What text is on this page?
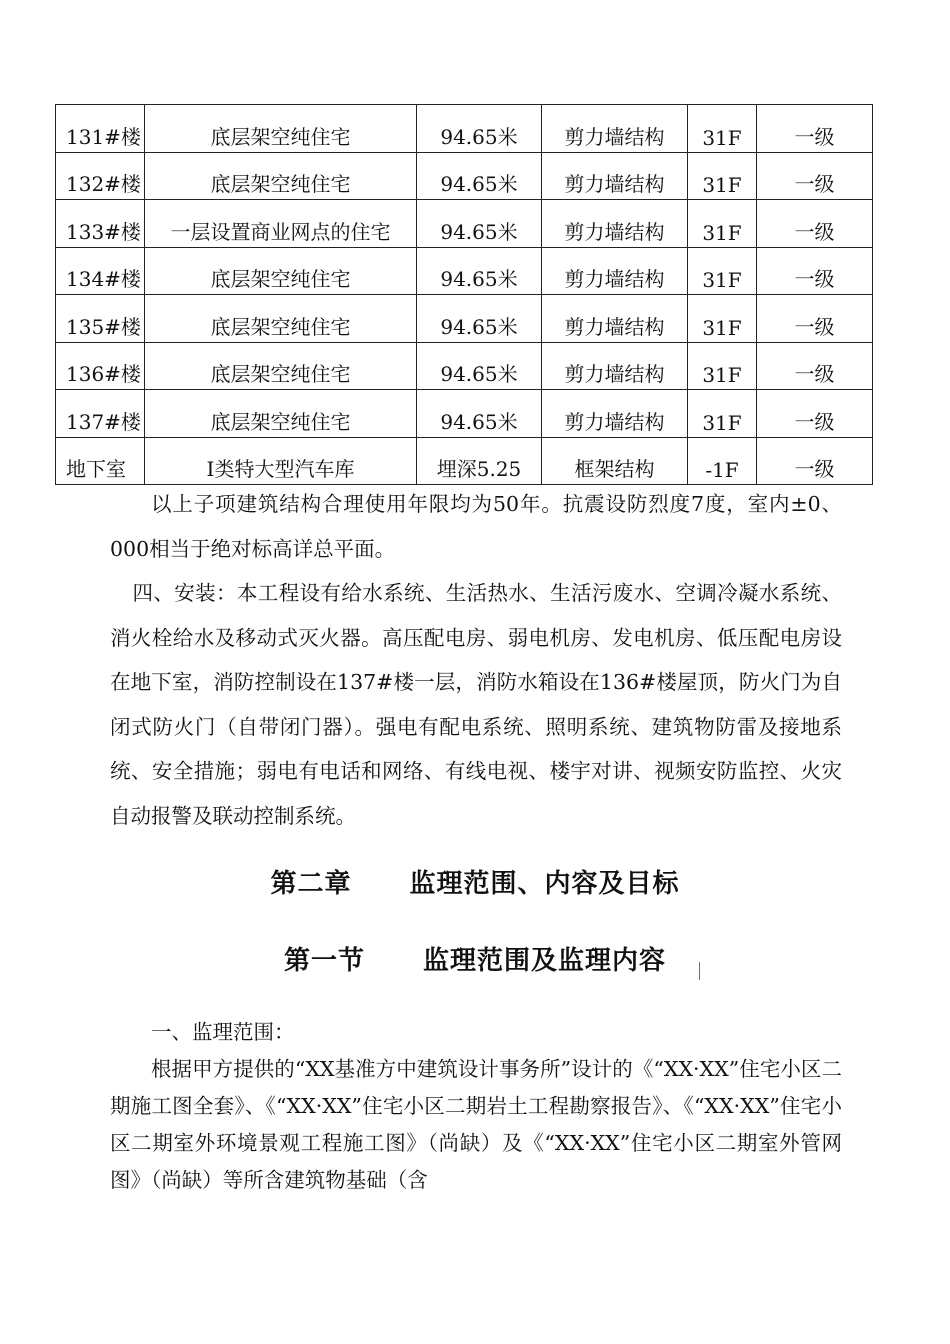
131#楼	底层架空纯住宅	94.65米	剪力墙结构	31F	一级
132#楼	底层架空纯住宅	94.65米	剪力墙结构	31F	一级
133#楼	一层设置商业网点的住宅	94.65米	剪力墙结构	31F	一级
134#楼	底层架空纯住宅	94.65米	剪力墙结构	31F	一级
135#楼	底层架空纯住宅	94.65米	剪力墙结构	31F	一级
136#楼	底层架空纯住宅	94.65米	剪力墙结构	31F	一级
137#楼	底层架空纯住宅	94.65米	剪力墙结构	31F	一级
地下室	Ⅰ类特大型汽车库	埋深5.25	框架结构	-1F	一级
以上子项建筑结构合理使用年限均为50年。抗震设防烈度7度，室内±0、000相当于绝对标高详总平面。
四、安装：本工程设有给水系统、生活热水、生活污废水、空调冷凝水系统、消火栓给水及移动式灭火器。高压配电房、弱电机房、发电机房、低压配电房设在地下室，消防控制设在137#楼一层，消防水箱设在136#楼屋顶，防火门为自闭式防火门（自带闭门器）。强电有配电系统、照明系统、建筑物防雷及接地系统、安全措施；弱电有电话和网络、有线电视、楼宇对讲、视频安防监控、火灾自动报警及联动控制系统。
第二章 监理范围、内容及目标
第一节 监理范围及监理内容
一、监理范围：

根据甲方提供的“XX基准方中建筑设计事务所”设计的《“XX·XX”住宅小区二期施工图全套》、《“XX·XX”住宅小区二期岩土工程勘察报告》、《“XX·XX”住宅小区二期室外环境景观工程施工图》（尚缺）及《“XX·XX”住宅小区二期室外管网图》（尚缺）等所含建筑物基础（含
